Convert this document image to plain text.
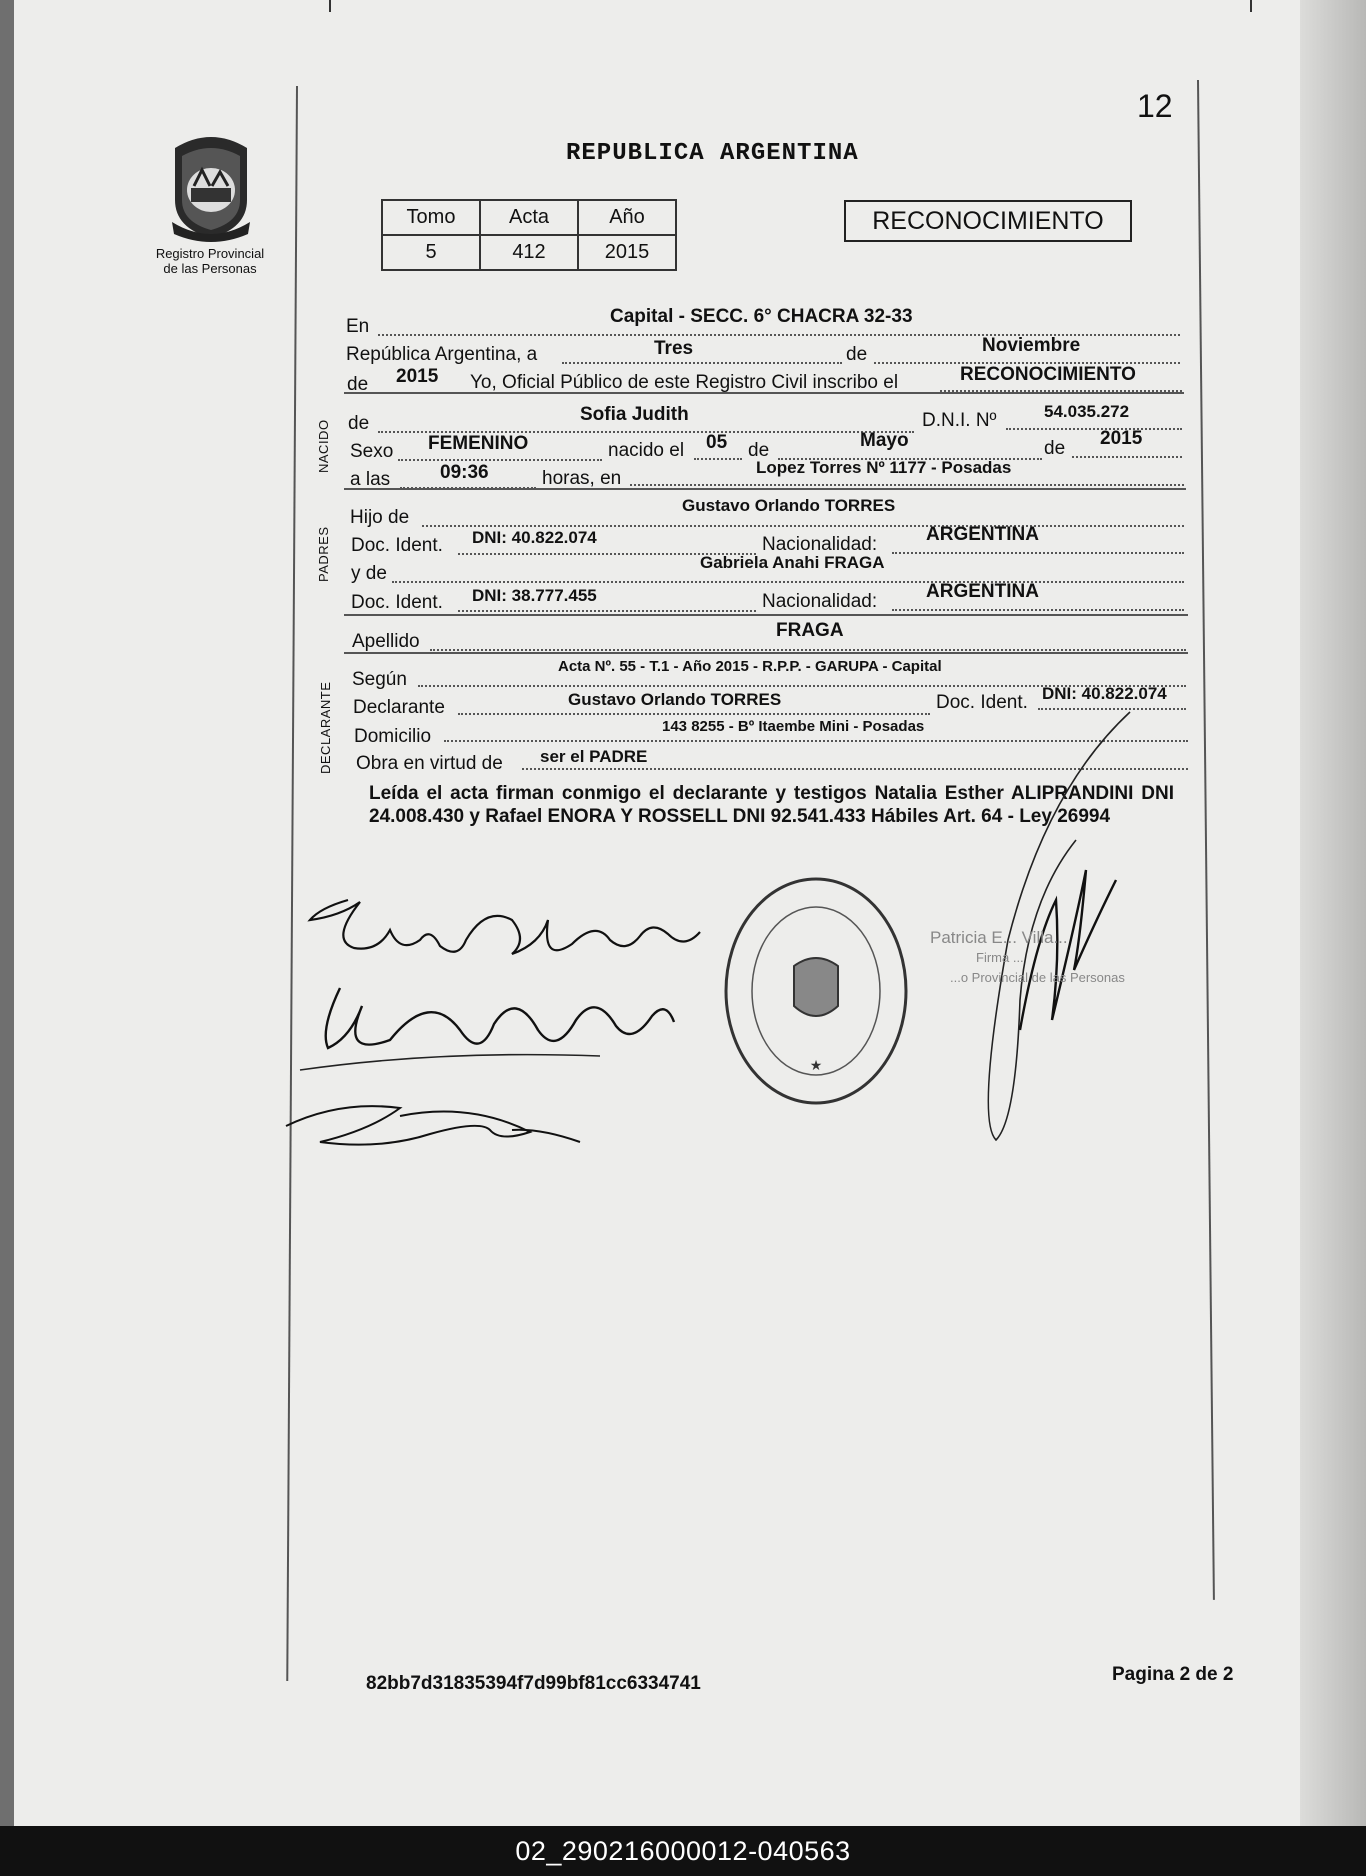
12
Registro Provincial
de las Personas
REPUBLICA ARGENTINA
Tomo	Acta	Año
5	412	2015
RECONOCIMIENTO
En	Capital - SECC. 6° CHACRA 32-33
República Argentina, a	Tres	de	Noviembre
de 2015 Yo, Oficial Público de este Registro Civil inscribo el	RECONOCIMIENTO
NACIDO de	Sofia Judith	D.N.I. Nº	54.035.272
Sexo FEMENINO	nacido el 05 de	Mayo	de 2015
a las	09:36	horas, en
Lopez Torres Nº 1177 - Posadas
PADRES
Hijo de
Gustavo Orlando TORRES
Doc. Ident. DNI: 40.822.074	Nacionalidad:	ARGENTINA
y de
Gabriela Anahi FRAGA
Doc. Ident. DNI: 38.777.455	Nacionalidad:	ARGENTINA
Apellido
FRAGA
DECLARANTE
Según
Acta Nº. 55 - T.1 - Año 2015 - R.P.P. - GARUPA - Capital
Declarante	Gustavo Orlando TORRES	Doc. Ident. DNI: 40.822.074
Domicilio	143 8255 - Bº Itaembe Mini - Posadas
Obra en virtud de ser el PADRE
Leída el acta firman conmigo el declarante y testigos Natalia Esther ALIPRANDINI DNI 24.008.430 y Rafael ENORA Y ROSSELL DNI 92.541.433 Hábiles Art. 64 - Ley 26994
★
Patricia E... Villa...
Firma ...
...o Provincial de las Personas
82bb7d31835394f7d99bf81cc6334741	Pagina 2 de 2
02_290216000012-040563
